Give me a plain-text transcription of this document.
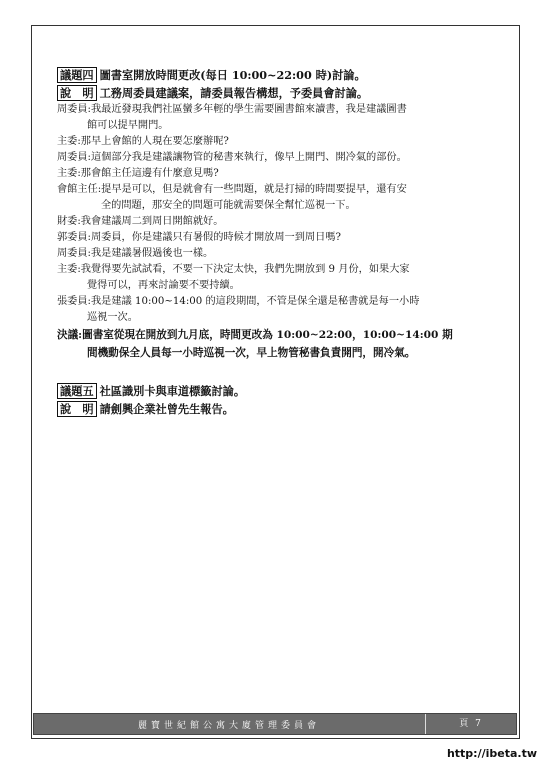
議題四 圖書室開放時間更改(每日 10:00~22:00 時)討論。
說　明 工務周委員建議案，請委員報告構想，予委員會討論。
周委員:我最近發現我們社區蠻多年輕的學生需要圖書館來讀書，我是建議圖書
館可以提早開門。
主委:那早上會館的人現在要怎麼辦呢?
周委員:這個部分我是建議讓物管的秘書來執行，像早上開門、開冷氣的部份。
主委:那會館主任這邊有什麼意見嗎?
會館主任:提早是可以，但是就會有一些問題，就是打掃的時間要提早，還有安
全的問題，那安全的問題可能就需要保全幫忙巡視一下。
財委:我會建議周二到周日開館就好。
郭委員:周委員，你是建議只有暑假的時候才開放周一到周日嗎?
周委員:我是建議暑假過後也一樣。
主委:我覺得要先試試看，不要一下決定太快，我們先開放到 9 月份，如果大家
覺得可以，再來討論要不要持續。
張委員:我是建議 10:00~14:00 的這段期間，不管是保全還是秘書就是每一小時
巡視一次。
決議:圖書室從現在開放到九月底，時間更改為 10:00~22:00，10:00~14:00 期
間機動保全人員每一小時巡視一次，早上物管秘書負責開門，開冷氣。
議題五 社區識別卡與車道標籤討論。
說　明 請劍興企業社曾先生報告。
麗寶世紀館公寓大廈管理委員會	頁 7
http://ibeta.tw
